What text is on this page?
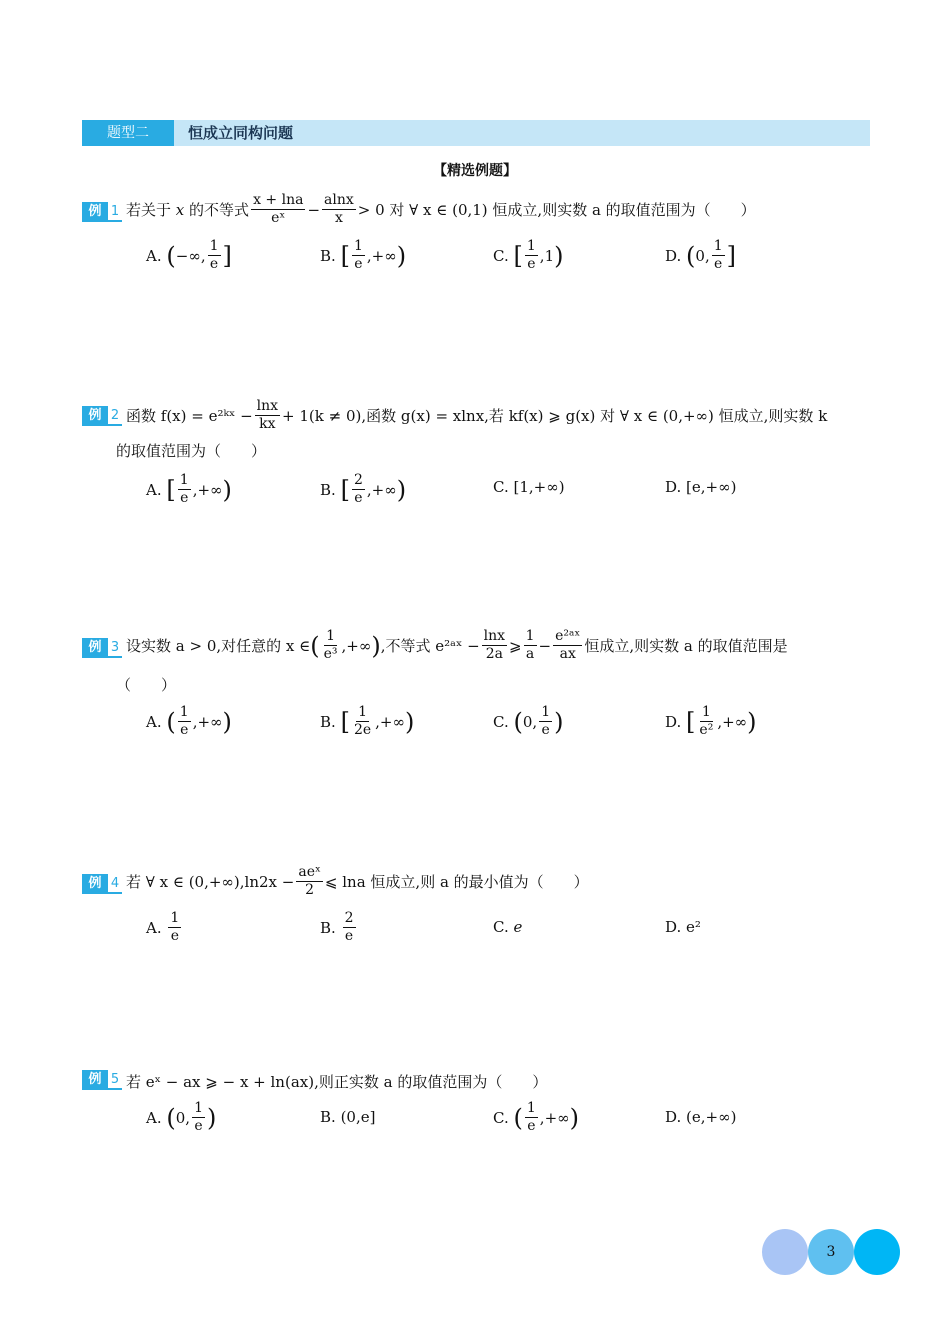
题型二	恒成立同构问题
【精选例题】
例 1 若关于
x
的不等式 $\frac{x + \ln a}{\text{eˣ}} - \frac{alnx}{x} > 0$ 对 ∀ x ∈ (0,1) 恒成立,则实数 a 的取值范围为（　　）
A.
( −∞, $\frac{1}{e}$ ]	B.
[ $\frac{1}{e}$ ,+∞ )	C.
[ $\frac{1}{e} ,1$ )	D.
( 0, $\frac{1}{e}$ ]
例 2 函数 f(x) = e²ᵏˣ − $\frac{\ln x}{kx} + 1(k \ne 0)$,函数 g(x) = xlnx,若 kf(x) ⩾ g(x) 对 ∀ x ∈ (0,+∞) 恒成立,则实数 k
的取值范围为（　　）
A.
[ $\frac{1}{e}$ ,+∞ )	B.
[ $\frac{2}{e}$ ,+∞ )	C.
[1,+∞)	D.
[e,+∞)
例 3 设实数 a > 0,对任意的 x ∈ ( $\frac{1}{\text{e³}}$ ,+∞ ) ,不等式 e²ᵃˣ − $\frac{\ln x}{2a}$ ⩾ $\frac{1}{a} - \frac{\text{e²ᵃˣ}}{ax}$ 恒成立,则实数 a 的取值范围是
（　　）
A.
( $\frac{1}{e}$ ,+∞ )	B.
[ $\frac{1}{2e}$ ,+∞ )	C.
( 0, $\frac{1}{e}$ )	D.
[ $\frac{1}{\text{e²}}$ ,+∞ )
例 4 若 ∀ x ∈ $(0,+\infty),\ln 2x - \frac{\text{aeˣ}}{2}$ ⩽ lna 恒成立,则 a 的最小值为（　　）
A.
$\frac{1}{e}$	B.
$\frac{2}{e}$	C.
e	D.
e²
例 5 若 eˣ − ax ⩾ − x + ln(ax),则正实数 a 的取值范围为（　　）
A.
( 0, $\frac{1}{e}$ )	B.
(0,e]	C.
( $\frac{1}{e}$ ,+∞ )	D.
(e,+∞)
3
